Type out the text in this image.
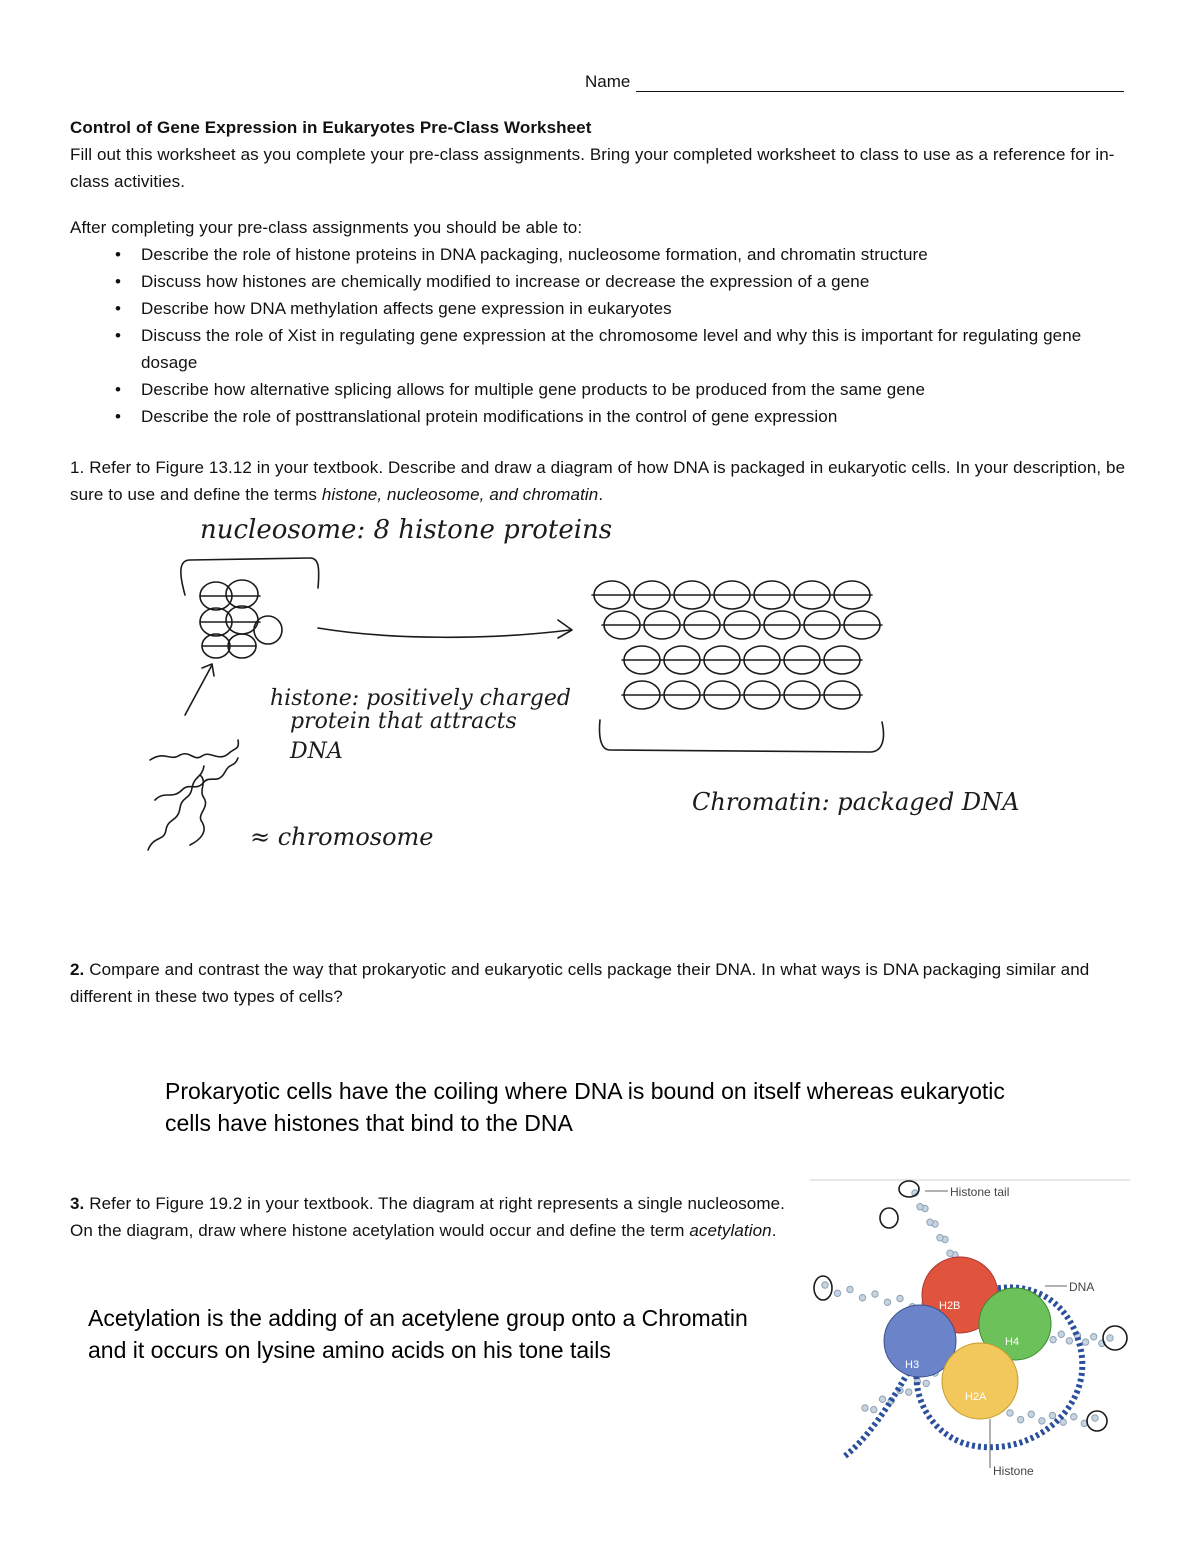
Name
Control of Gene Expression in Eukaryotes Pre-Class Worksheet
Fill out this worksheet as you complete your pre-class assignments. Bring your completed worksheet to class to use as a reference for in-class activities.
After completing your pre-class assignments you should be able to:
• Describe the role of histone proteins in DNA packaging, nucleosome formation, and chromatin structure
• Discuss how histones are chemically modified to increase or decrease the expression of a gene
• Describe how DNA methylation affects gene expression in eukaryotes
• Discuss the role of Xist in regulating gene expression at the chromosome level and why this is important for regulating gene dosage
• Describe how alternative splicing allows for multiple gene products to be produced from the same gene
• Describe the role of posttranslational protein modifications in the control of gene expression
1. Refer to Figure 13.12 in your textbook. Describe and draw a diagram of how DNA is packaged in eukaryotic cells. In your description, be sure to use and define the terms histone, nucleosome, and chromatin.
nucleosome: 8 histone proteins
histone: positively charged
protein that attracts
DNA
≈ chromosome
Chromatin: packaged DNA
2. Compare and contrast the way that prokaryotic and eukaryotic cells package their DNA. In what ways is DNA packaging similar and different in these two types of cells?
Prokaryotic cells have the coiling where DNA is bound on itself whereas eukaryotic cells have histones that bind to the DNA
3. Refer to Figure 19.2 in your textbook. The diagram at right represents a single nucleosome. On the diagram, draw where histone acetylation would occur and define the term acetylation.
Acetylation is the adding of an acetylene group onto a Chromatin and it occurs on lysine amino acids on his tone tails
H2B
H4
H3
H2A
Histone tail
DNA
Histone
